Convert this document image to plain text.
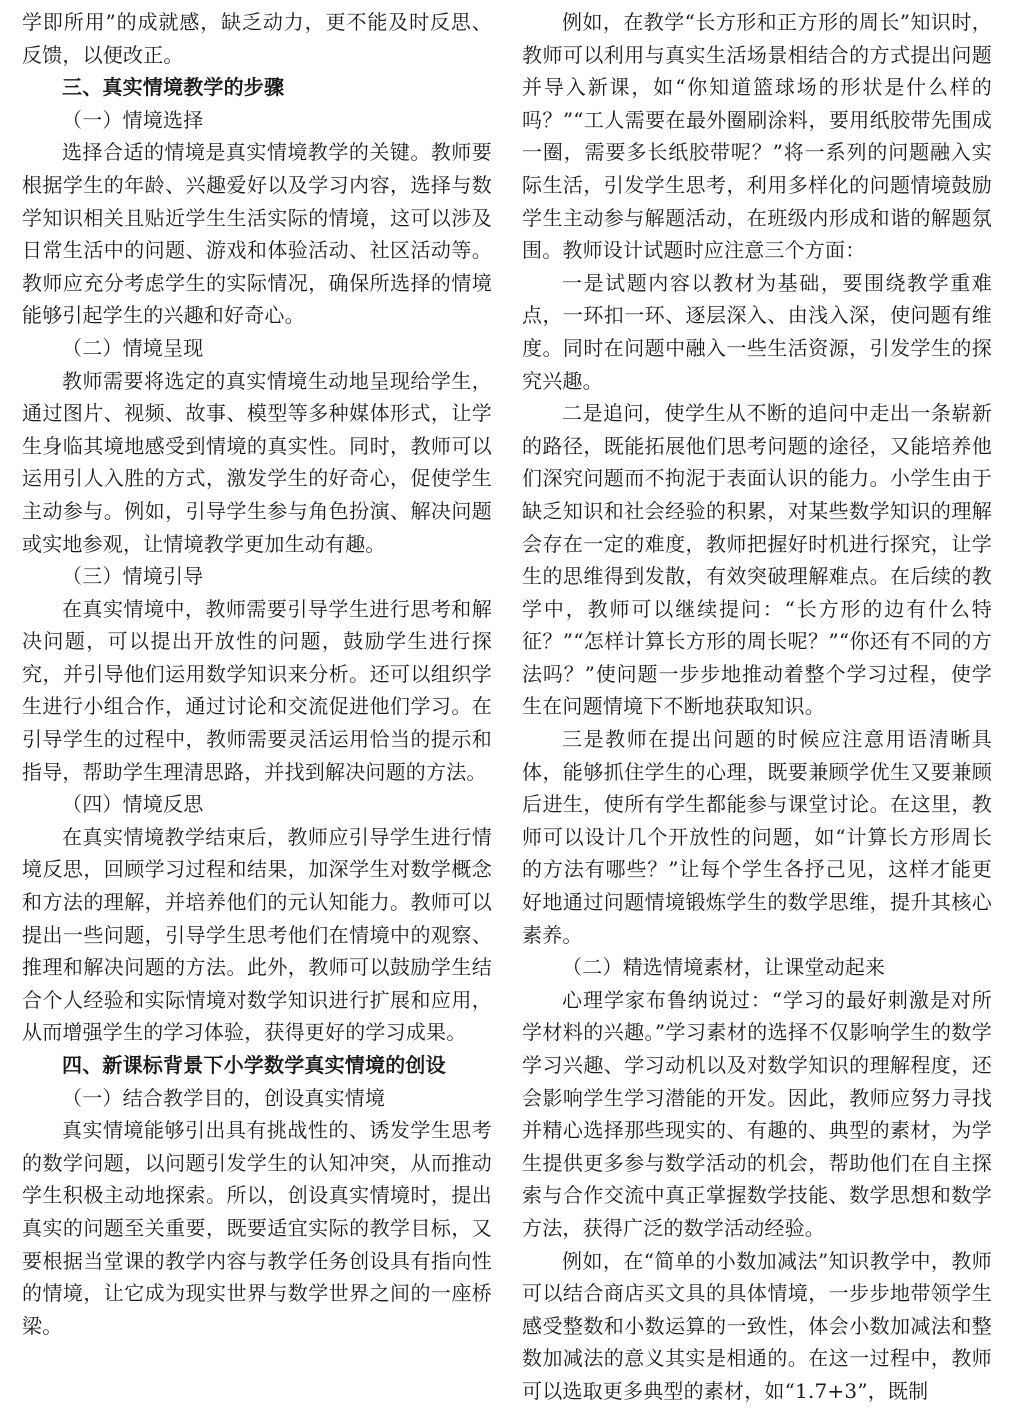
学即所用”的成就感，缺乏动力，更不能及时反思、反馈，以便改正。

三、真实情境教学的步骤
（一）情境选择

选择合适的情境是真实情境教学的关键。教师要根据学生的年龄、兴趣爱好以及学习内容，选择与数学知识相关且贴近学生生活实际的情境，这可以涉及日常生活中的问题、游戏和体验活动、社区活动等。教师应充分考虑学生的实际情况，确保所选择的情境能够引起学生的兴趣和好奇心。

（二）情境呈现

教师需要将选定的真实情境生动地呈现给学生，通过图片、视频、故事、模型等多种媒体形式，让学生身临其境地感受到情境的真实性。同时，教师可以运用引人入胜的方式，激发学生的好奇心，促使学生主动参与。例如，引导学生参与角色扮演、解决问题或实地参观，让情境教学更加生动有趣。

（三）情境引导

在真实情境中，教师需要引导学生进行思考和解决问题，可以提出开放性的问题，鼓励学生进行探究，并引导他们运用数学知识来分析。还可以组织学生进行小组合作，通过讨论和交流促进他们学习。在引导学生的过程中，教师需要灵活运用恰当的提示和指导，帮助学生理清思路，并找到解决问题的方法。

（四）情境反思

在真实情境教学结束后，教师应引导学生进行情境反思，回顾学习过程和结果，加深学生对数学概念和方法的理解，并培养他们的元认知能力。教师可以提出一些问题，引导学生思考他们在情境中的观察、推理和解决问题的方法。此外，教师可以鼓励学生结合个人经验和实际情境对数学知识进行扩展和应用，从而增强学生的学习体验，获得更好的学习成果。

四、新课标背景下小学数学真实情境的创设
（一）结合教学目的，创设真实情境

真实情境能够引出具有挑战性的、诱发学生思考的数学问题，以问题引发学生的认知冲突，从而推动学生积极主动地探索。所以，创设真实情境时，提出真实的问题至关重要，既要适宜实际的教学目标，又要根据当堂课的教学内容与教学任务创设具有指向性的情境，让它成为现实世界与数学世界之间的一座桥梁。

例如，在教学“长方形和正方形的周长”知识时，教师可以利用与真实生活场景相结合的方式提出问题并导入新课，如“你知道篮球场的形状是什么样的吗？”“工人需要在最外圈刷涂料，要用纸胶带先围成一圈，需要多长纸胶带呢？”将一系列的问题融入实际生活，引发学生思考，利用多样化的问题情境鼓励学生主动参与解题活动，在班级内形成和谐的解题氛围。教师设计试题时应注意三个方面：

一是试题内容以教材为基础，要围绕教学重难点，一环扣一环、逐层深入、由浅入深，使问题有维度。同时在问题中融入一些生活资源，引发学生的探究兴趣。

二是追问，使学生从不断的追问中走出一条崭新的路径，既能拓展他们思考问题的途径，又能培养他们深究问题而不拘泥于表面认识的能力。小学生由于缺乏知识和社会经验的积累，对某些数学知识的理解会存在一定的难度，教师把握好时机进行探究，让学生的思维得到发散，有效突破理解难点。在后续的教学中，教师可以继续提问：“长方形的边有什么特征？”“怎样计算长方形的周长呢？”“你还有不同的方法吗？”使问题一步步地推动着整个学习过程，使学生在问题情境下不断地获取知识。

三是教师在提出问题的时候应注意用语清晰具体，能够抓住学生的心理，既要兼顾学优生又要兼顾后进生，使所有学生都能参与课堂讨论。在这里，教师可以设计几个开放性的问题，如“计算长方形周长的方法有哪些？”让每个学生各抒己见，这样才能更好地通过问题情境锻炼学生的数学思维，提升其核心素养。

（二）精选情境素材，让课堂动起来

心理学家布鲁纳说过：“学习的最好刺激是对所学材料的兴趣。”学习素材的选择不仅影响学生的数学学习兴趣、学习动机以及对数学知识的理解程度，还会影响学生学习潜能的开发。因此，教师应努力寻找并精心选择那些现实的、有趣的、典型的素材，为学生提供更多参与数学活动的机会，帮助他们在自主探索与合作交流中真正掌握数学技能、数学思想和数学方法，获得广泛的数学活动经验。

例如，在“简单的小数加减法”知识教学中，教师可以结合商店买文具的具体情境，一步步地带领学生感受整数和小数运算的一致性，体会小数加减法和整数加减法的意义其实是相通的。在这一过程中，教师可以选取更多典型的素材，如“1.7+3”，既制
